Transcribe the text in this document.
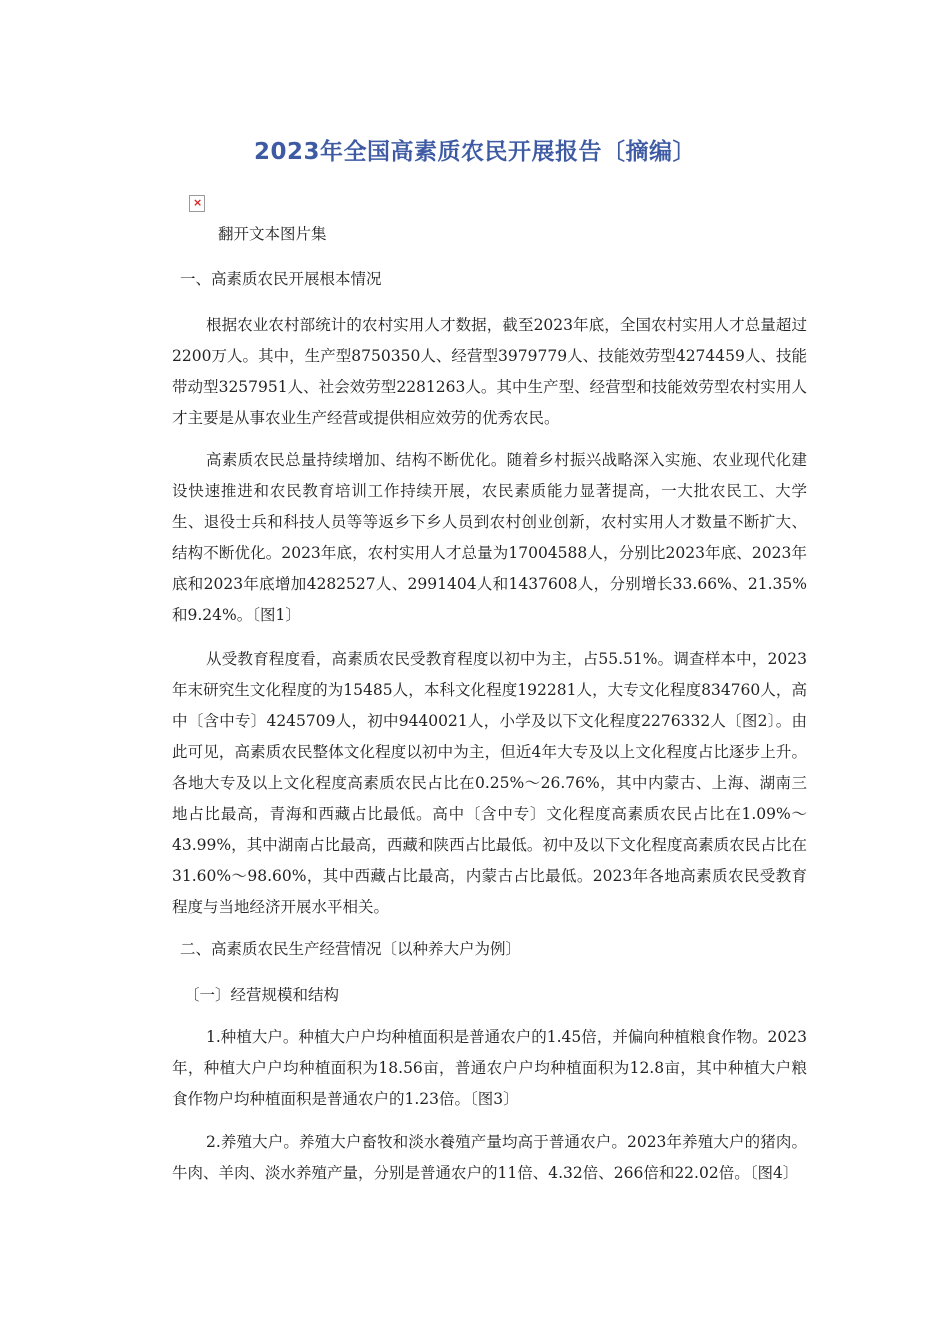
2023年全国高素质农民开展报告〔摘编〕
×
翻开文本图片集
一、高素质农民开展根本情况
根据农业农村部统计的农村实用人才数据，截至2023年底，全国农村实用人才总量超过2200万人。其中，生产型8750350人、经营型3979779人、技能效劳型4274459人、技能带动型3257951人、社会效劳型2281263人。其中生产型、经营型和技能效劳型农村实用人才主要是从事农业生产经营或提供相应效劳的优秀农民。
高素质农民总量持续增加、结构不断优化。随着乡村振兴战略深入实施、农业现代化建设快速推进和农民教育培训工作持续开展，农民素质能力显著提高，一大批农民工、大学生、退役士兵和科技人员等等返乡下乡人员到农村创业创新，农村实用人才数量不断扩大、结构不断优化。2023年底，农村实用人才总量为17004588人，分别比2023年底、2023年底和2023年底增加4282527人、2991404人和1437608人，分别增长33.66%、21.35%和9.24%。〔图1〕
从受教育程度看，高素质农民受教育程度以初中为主，占55.51%。调查样本中，2023年末研究生文化程度的为15485人，本科文化程度192281人，大专文化程度834760人，高中〔含中专〕4245709人，初中9440021人，小学及以下文化程度2276332人〔图2〕。由此可见，高素质农民整体文化程度以初中为主，但近4年大专及以上文化程度占比逐步上升。各地大专及以上文化程度高素质农民占比在0.25%～26.76%，其中内蒙古、上海、湖南三地占比最高，青海和西藏占比最低。高中〔含中专〕文化程度高素质农民占比在1.09%～43.99%，其中湖南占比最高，西藏和陕西占比最低。初中及以下文化程度高素质农民占比在31.60%～98.60%，其中西藏占比最高，内蒙古占比最低。2023年各地高素质农民受教育程度与当地经济开展水平相关。
二、高素质农民生产经营情况〔以种养大户为例〕
〔一〕经营规模和结构
1.种植大户。种植大户户均种植面积是普通农户的1.45倍，并偏向种植粮食作物。2023年，种植大户户均种植面积为18.56亩，普通农户户均种植面积为12.8亩，其中种植大户粮食作物户均种植面积是普通农户的1.23倍。〔图3〕
2.养殖大户。养殖大户畜牧和淡水養殖产量均高于普通农户。2023年养殖大户的猪肉。牛肉、羊肉、淡水养殖产量，分别是普通农户的11倍、4.32倍、266倍和22.02倍。〔图4〕
